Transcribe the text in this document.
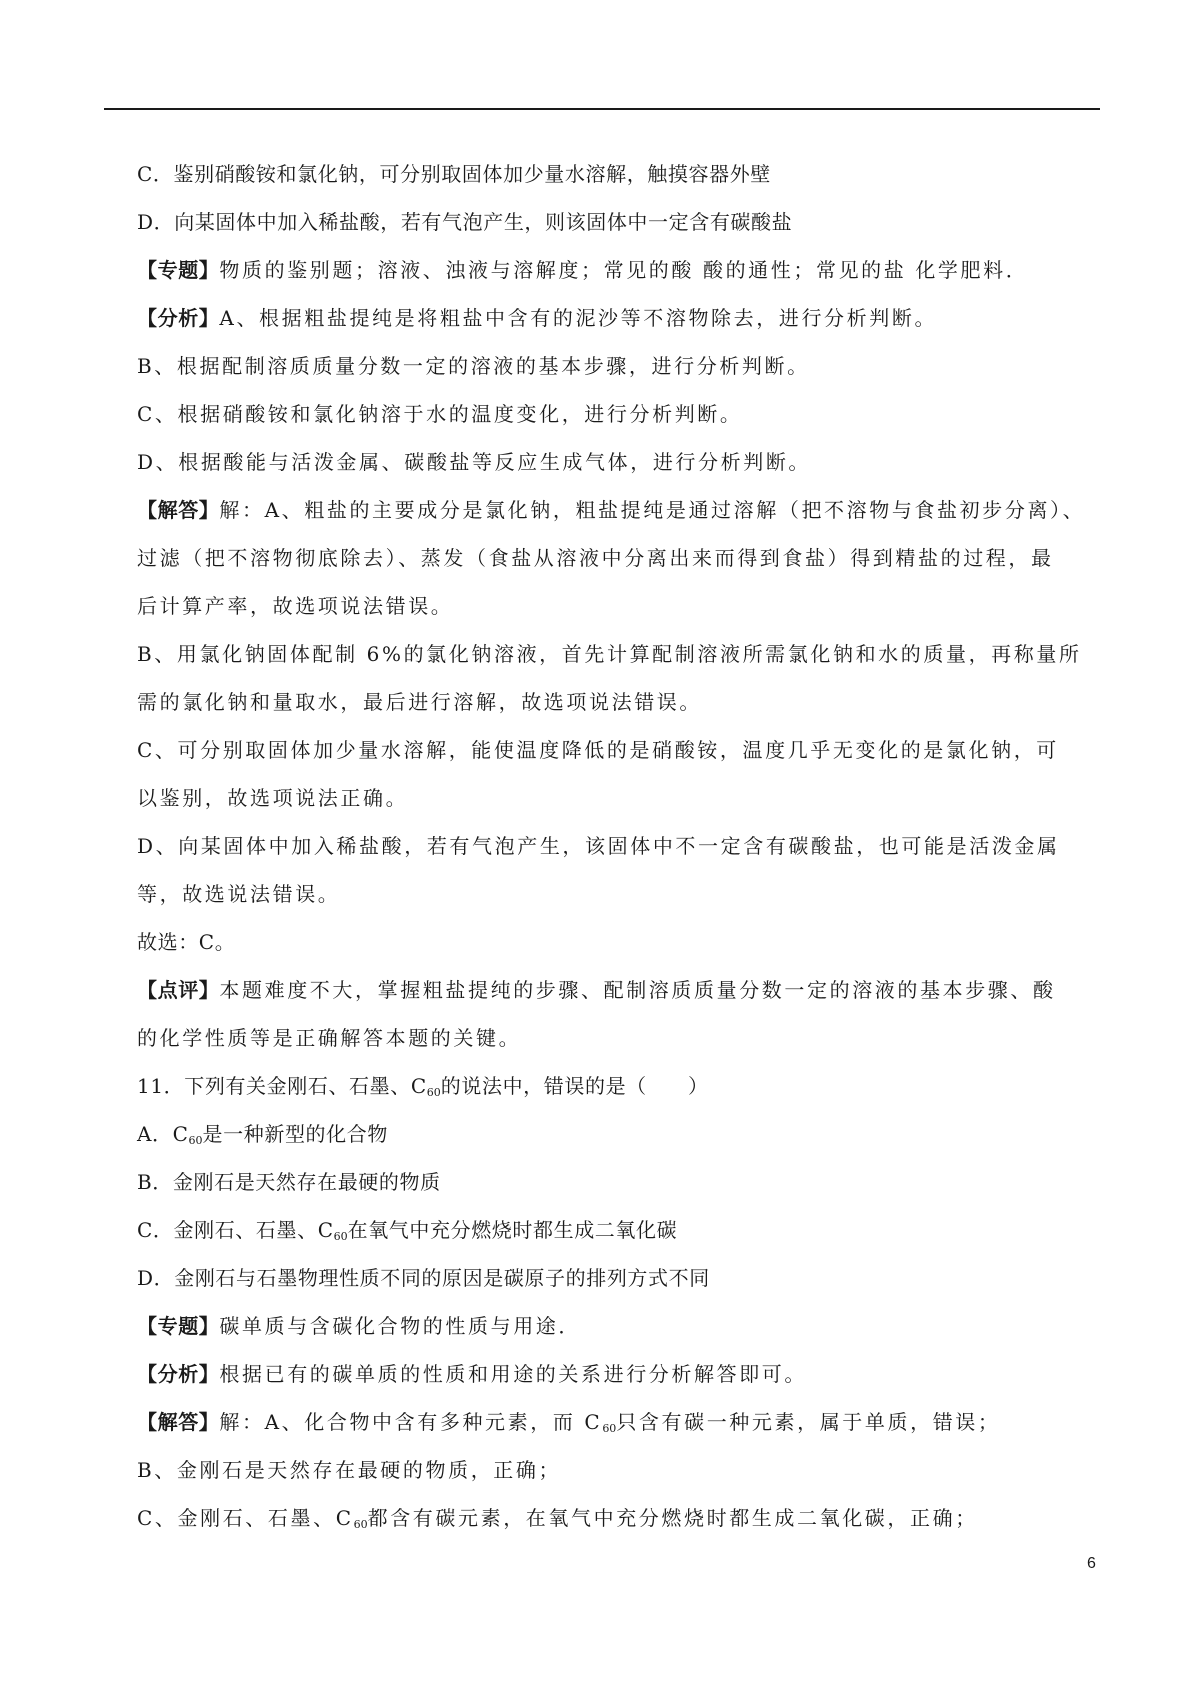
C．鉴别硝酸铵和氯化钠，可分别取固体加少量水溶解，触摸容器外壁
D．向某固体中加入稀盐酸，若有气泡产生，则该固体中一定含有碳酸盐
【专题】物质的鉴别题；溶液、浊液与溶解度；常见的酸 酸的通性；常见的盐 化学肥料．
【分析】A、根据粗盐提纯是将粗盐中含有的泥沙等不溶物除去，进行分析判断。
B、根据配制溶质质量分数一定的溶液的基本步骤，进行分析判断。
C、根据硝酸铵和氯化钠溶于水的温度变化，进行分析判断。
D、根据酸能与活泼金属、碳酸盐等反应生成气体，进行分析判断。
【解答】解：A、粗盐的主要成分是氯化钠，粗盐提纯是通过溶解（把不溶物与食盐初步分离）、
过滤（把不溶物彻底除去）、蒸发（食盐从溶液中分离出来而得到食盐）得到精盐的过程，最
后计算产率，故选项说法错误。
B、用氯化钠固体配制 6%的氯化钠溶液，首先计算配制溶液所需氯化钠和水的质量，再称量所
需的氯化钠和量取水，最后进行溶解，故选项说法错误。
C、可分别取固体加少量水溶解，能使温度降低的是硝酸铵，温度几乎无变化的是氯化钠，可
以鉴别，故选项说法正确。
D、向某固体中加入稀盐酸，若有气泡产生，该固体中不一定含有碳酸盐，也可能是活泼金属
等，故选说法错误。
故选：C。
【点评】本题难度不大，掌握粗盐提纯的步骤、配制溶质质量分数一定的溶液的基本步骤、酸
的化学性质等是正确解答本题的关键。
11．下列有关金刚石、石墨、$C_{60}$的说法中，错误的是（　　）
A．$C_{60}$是一种新型的化合物
B．金刚石是天然存在最硬的物质
C．金刚石、石墨、$C_{60}$在氧气中充分燃烧时都生成二氧化碳
D．金刚石与石墨物理性质不同的原因是碳原子的排列方式不同
【专题】碳单质与含碳化合物的性质与用途．
【分析】根据已有的碳单质的性质和用途的关系进行分析解答即可。
【解答】解：A、化合物中含有多种元素，而 $C_{60}$只含有碳一种元素，属于单质，错误；
B、金刚石是天然存在最硬的物质，正确；
C、金刚石、石墨、$C_{60}$都含有碳元素，在氧气中充分燃烧时都生成二氧化碳，正确；
6
